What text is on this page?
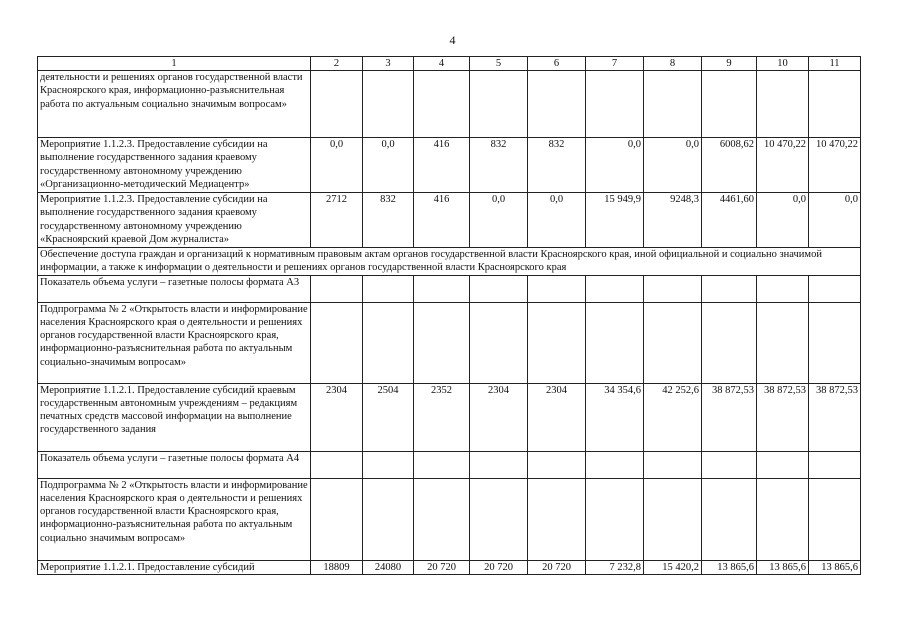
4
1	2	3	4	5	6	7	8	9	10	11
деятельности и решениях органов государственной власти Красноярского края, информационно-разъяснительная работа по актуальным социально значимым вопросам»										
Мероприятие 1.1.2.3. Предоставление субсидии на выполнение государственного задания краевому государственному автономному учреждению «Организационно-методический Медиацентр»	0,0	0,0	416	832	832	0,0	0,0	6008,62	10 470,22	10 470,22
Мероприятие 1.1.2.3. Предоставление субсидии на выполнение государственного задания краевому государственному автономному учреждению «Красноярский краевой Дом журналиста»	2712	832	416	0,0	0,0	15 949,9	9248,3	4461,60	0,0	0,0
Обеспечение доступа граждан и организаций к нормативным правовым актам органов государственной власти Красноярского края, иной официальной и социально значимой информации, а также к информации о деятельности и решениях органов государственной власти Красноярского края										
Показатель объема услуги – газетные полосы формата А3										
Подпрограмма № 2 «Открытость власти и информирование населения Красноярского края о деятельности и решениях органов государственной власти Красноярского края, информационно-разъяснительная работа по актуальным социально-значимым вопросам»										
Мероприятие 1.1.2.1. Предоставление субсидий краевым государственным автономным учреждениям – редакциям печатных средств массовой информации на выполнение государственного задания	2304	2504	2352	2304	2304	34 354,6	42 252,6	38 872,53	38 872,53	38 872,53
Показатель объема услуги – газетные полосы формата А4										
Подпрограмма № 2 «Открытость власти и информирование населения Красноярского края о деятельности и решениях органов государственной власти Красноярского края, информационно-разъяснительная работа по актуальным социально значимым вопросам»										
Мероприятие 1.1.2.1. Предоставление субсидий	18809	24080	20 720	20 720	20 720	7 232,8	15 420,2	13 865,6	13 865,6	13 865,6
